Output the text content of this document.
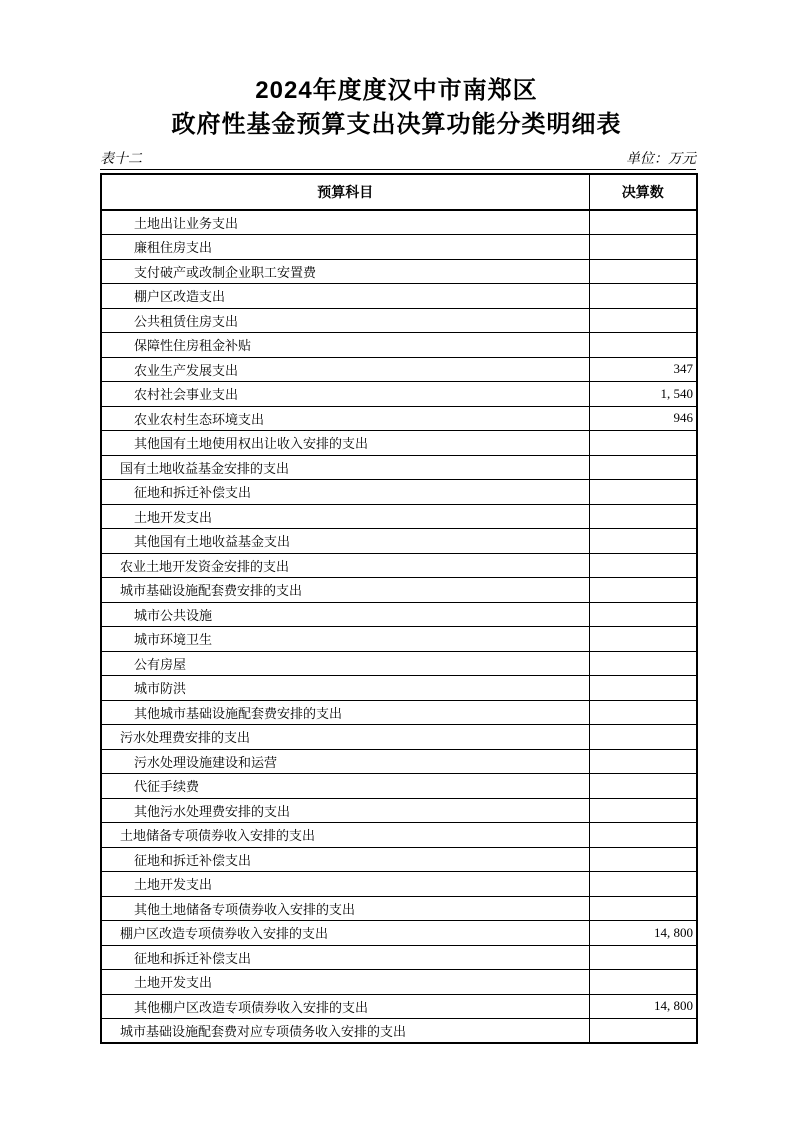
2024年度度汉中市南郑区
政府性基金预算支出决算功能分类明细表
表十二	单位：万元
预算科目	决算数
土地出让业务支出	
廉租住房支出	
支付破产或改制企业职工安置费	
棚户区改造支出	
公共租赁住房支出	
保障性住房租金补贴	
农业生产发展支出	347
农村社会事业支出	1, 540
农业农村生态环境支出	946
其他国有土地使用权出让收入安排的支出	
国有土地收益基金安排的支出	
征地和拆迁补偿支出	
土地开发支出	
其他国有土地收益基金支出	
农业土地开发资金安排的支出	
城市基础设施配套费安排的支出	
城市公共设施	
城市环境卫生	
公有房屋	
城市防洪	
其他城市基础设施配套费安排的支出	
污水处理费安排的支出	
污水处理设施建设和运营	
代征手续费	
其他污水处理费安排的支出	
土地储备专项债券收入安排的支出	
征地和拆迁补偿支出	
土地开发支出	
其他土地储备专项债券收入安排的支出	
棚户区改造专项债券收入安排的支出	14, 800
征地和拆迁补偿支出	
土地开发支出	
其他棚户区改造专项债券收入安排的支出	14, 800
城市基础设施配套费对应专项债务收入安排的支出	
